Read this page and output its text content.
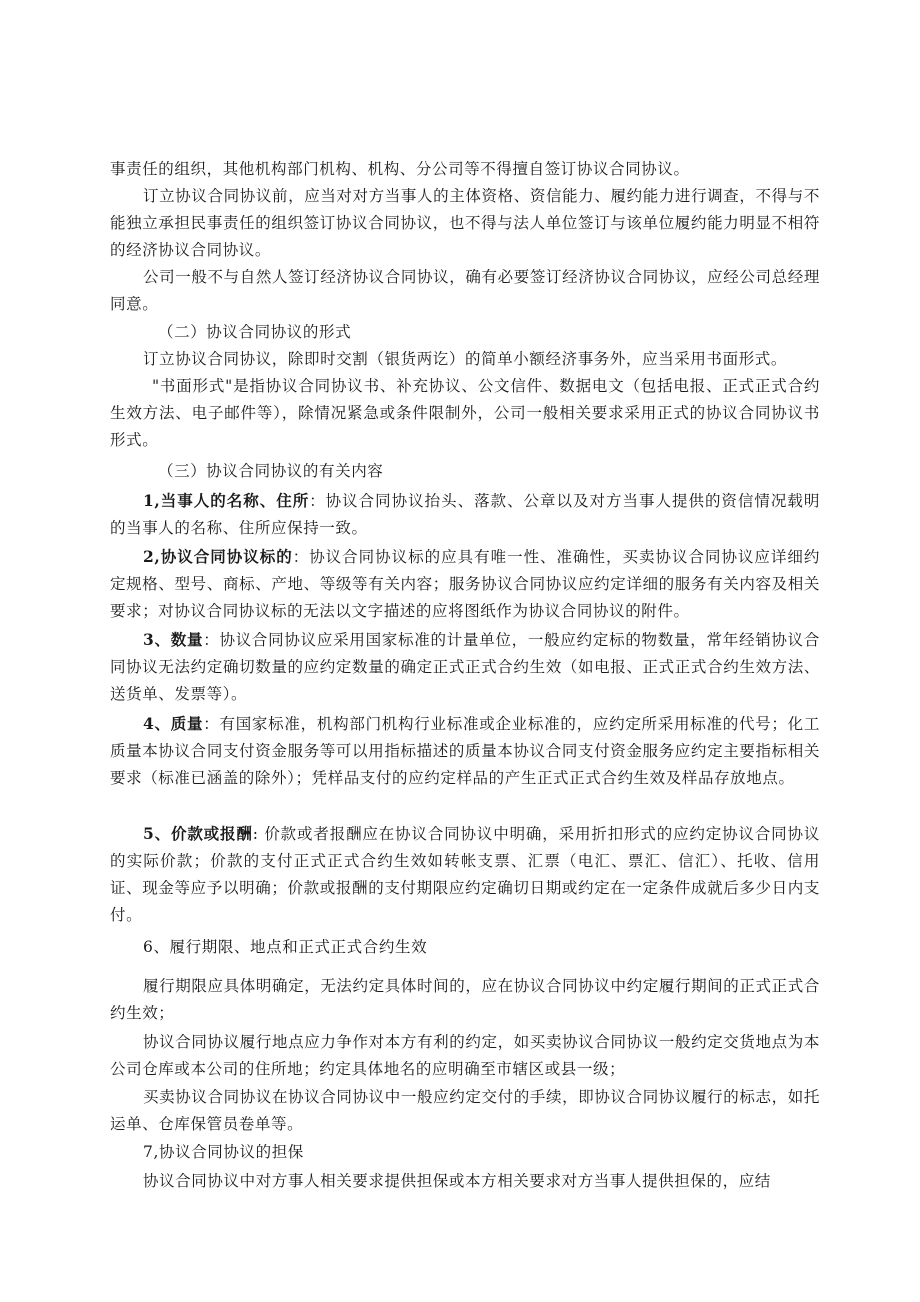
事责任的组织，其他机构部门机构、机构、分公司等不得擅自签订协议合同协议。

订立协议合同协议前，应当对对方当事人的主体资格、资信能力、履约能力进行调查，不得与不能独立承担民事责任的组织签订协议合同协议，也不得与法人单位签订与该单位履约能力明显不相符的经济协议合同协议。

公司一般不与自然人签订经济协议合同协议，确有必要签订经济协议合同协议，应经公司总经理同意。

（二）协议合同协议的形式

订立协议合同协议，除即时交割（银货两讫）的简单小额经济事务外，应当采用书面形式。

"书面形式"是指协议合同协议书、补充协议、公文信件、数据电文（包括电报、正式正式合约生效方法、电子邮件等），除情况紧急或条件限制外，公司一般相关要求采用正式的协议合同协议书形式。

（三）协议合同协议的有关内容

1,当事人的名称、住所：协议合同协议抬头、落款、公章以及对方当事人提供的资信情况载明的当事人的名称、住所应保持一致。

2,协议合同协议标的：协议合同协议标的应具有唯一性、准确性，买卖协议合同协议应详细约定规格、型号、商标、产地、等级等有关内容；服务协议合同协议应约定详细的服务有关内容及相关要求；对协议合同协议标的无法以文字描述的应将图纸作为协议合同协议的附件。

3、数量：协议合同协议应采用国家标准的计量单位，一般应约定标的物数量，常年经销协议合同协议无法约定确切数量的应约定数量的确定正式正式合约生效（如电报、正式正式合约生效方法、送货单、发票等）。

4、质量：有国家标准，机构部门机构行业标准或企业标准的，应约定所采用标准的代号；化工质量本协议合同支付资金服务等可以用指标描述的质量本协议合同支付资金服务应约定主要指标相关要求（标准已涵盖的除外）；凭样品支付的应约定样品的产生正式正式合约生效及样品存放地点。

5、价款或报酬: 价款或者报酬应在协议合同协议中明确，采用折扣形式的应约定协议合同协议的实际价款；价款的支付正式正式合约生效如转帐支票、汇票（电汇、票汇、信汇）、托收、信用证、现金等应予以明确；价款或报酬的支付期限应约定确切日期或约定在一定条件成就后多少日内支付。

6、履行期限、地点和正式正式合约生效

履行期限应具体明确定，无法约定具体时间的，应在协议合同协议中约定履行期间的正式正式合约生效；

协议合同协议履行地点应力争作对本方有利的约定，如买卖协议合同协议一般约定交货地点为本公司仓库或本公司的住所地；约定具体地名的应明确至市辖区或县一级；

买卖协议合同协议在协议合同协议中一般应约定交付的手续，即协议合同协议履行的标志，如托运单、仓库保管员卷单等。

7,协议合同协议的担保

协议合同协议中对方事人相关要求提供担保或本方相关要求对方当事人提供担保的，应结
